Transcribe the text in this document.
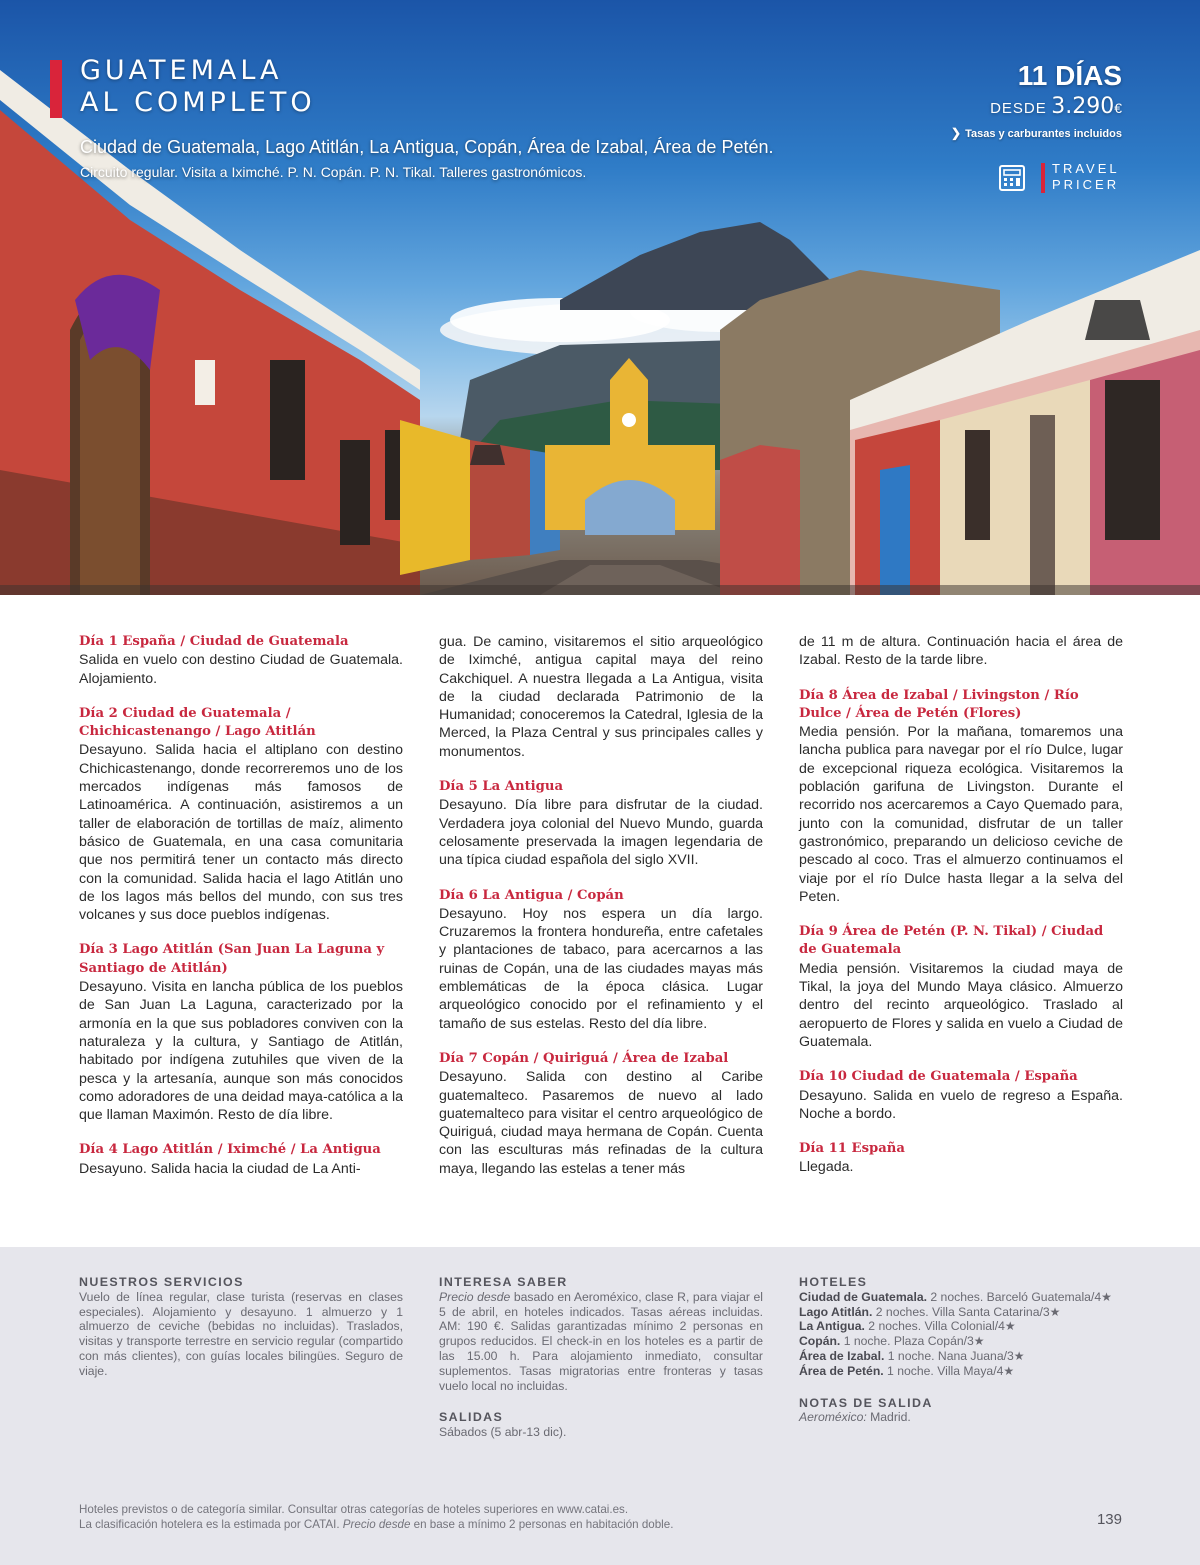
GUATEMALA
AL COMPLETO
Ciudad de Guatemala, Lago Atitlán, La Antigua, Copán, Área de Izabal, Área de Petén.
Circuito regular. Visita a Iximché. P. N. Copán. P. N. Tikal. Talleres gastronómicos.
11 DÍAS
DESDE 3.290€
❯ Tasas y carburantes incluidos
TRAVEL
PRICER
Día 1 España / Ciudad de Guatemala
Salida en vuelo con destino Ciudad de Guatemala. Alojamiento.
Día 2 Ciudad de Guatemala / Chichicastenango / Lago Atitlán
Desayuno. Salida hacia el altiplano con destino Chichicastenango, donde recorreremos uno de los mercados indígenas más famosos de Latinoamérica. A continuación, asistiremos a un taller de elaboración de tortillas de maíz, alimento básico de Guatemala, en una casa comunitaria que nos permitirá tener un contacto más directo con la comunidad. Salida hacia el lago Atitlán uno de los lagos más bellos del mundo, con sus tres volcanes y sus doce pueblos indígenas.
Día 3 Lago Atitlán (San Juan La Laguna y Santiago de Atitlán)
Desayuno. Visita en lancha pública de los pueblos de San Juan La Laguna, caracterizado por la armonía en la que sus pobladores conviven con la naturaleza y la cultura, y Santiago de Atitlán, habitado por indígena zutuhiles que viven de la pesca y la artesanía, aunque son más conocidos como adoradores de una deidad maya-católica a la que llaman Maximón. Resto de día libre.
Día 4 Lago Atitlán / Iximché / La Antigua
Desayuno. Salida hacia la ciudad de La Anti-
gua. De camino, visitaremos el sitio arqueológico de Iximché, antigua capital maya del reino Cakchiquel. A nuestra llegada a La Antigua, visita de la ciudad declarada Patrimonio de la Humanidad; conoceremos la Catedral, Iglesia de la Merced, la Plaza Central y sus principales calles y monumentos.
Día 5 La Antigua
Desayuno. Día libre para disfrutar de la ciudad. Verdadera joya colonial del Nuevo Mundo, guarda celosamente preservada la imagen legendaria de una típica ciudad española del siglo XVII.
Día 6 La Antigua / Copán
Desayuno. Hoy nos espera un día largo. Cruzaremos la frontera hondureña, entre cafetales y plantaciones de tabaco, para acercarnos a las ruinas de Copán, una de las ciudades mayas más emblemáticas de la época clásica. Lugar arqueológico conocido por el refinamiento y el tamaño de sus estelas. Resto del día libre.
Día 7 Copán / Quiriguá / Área de Izabal
Desayuno. Salida con destino al Caribe guatemalteco. Pasaremos de nuevo al lado guatemalteco para visitar el centro arqueológico de Quiriguá, ciudad maya hermana de Copán. Cuenta con las esculturas más refinadas de la cultura maya, llegando las estelas a tener más
de 11 m de altura. Continuación hacia el área de Izabal. Resto de la tarde libre.
Día 8 Área de Izabal / Livingston / Río Dulce / Área de Petén (Flores)
Media pensión. Por la mañana, tomaremos una lancha publica para navegar por el río Dulce, lugar de excepcional riqueza ecológica. Visitaremos la población garifuna de Livingston. Durante el recorrido nos acercaremos a Cayo Quemado para, junto con la comunidad, disfrutar de un taller gastronómico, preparando un delicioso ceviche de pescado al coco. Tras el almuerzo continuamos el viaje por el río Dulce hasta llegar a la selva del Peten.
Día 9 Área de Petén (P. N. Tikal) / Ciudad de Guatemala
Media pensión. Visitaremos la ciudad maya de Tikal, la joya del Mundo Maya clásico. Almuerzo dentro del recinto arqueológico. Traslado al aeropuerto de Flores y salida en vuelo a Ciudad de Guatemala.
Día 10 Ciudad de Guatemala / España
Desayuno. Salida en vuelo de regreso a España. Noche a bordo.
Día 11 España
Llegada.
NUESTROS SERVICIOS
Vuelo de línea regular, clase turista (reservas en clases especiales). Alojamiento y desayuno. 1 almuerzo y 1 almuerzo de ceviche (bebidas no incluidas). Traslados, visitas y transporte terrestre en servicio regular (compartido con más clientes), con guías locales bilingües. Seguro de viaje.
INTERESA SABER
Precio desde basado en Aeroméxico, clase R, para viajar el 5 de abril, en hoteles indicados. Tasas aéreas incluidas. AM: 190 €. Salidas garantizadas mínimo 2 personas en grupos reducidos. El check-in en los hoteles es a partir de las 15.00 h. Para alojamiento inmediato, consultar suplementos. Tasas migratorias entre fronteras y tasas vuelo local no incluidas.
SALIDAS
Sábados (5 abr-13 dic).
HOTELES
Ciudad de Guatemala. 2 noches. Barceló Guatemala/4★
Lago Atitlán. 2 noches. Villa Santa Catarina/3★
La Antigua. 2 noches. Villa Colonial/4★
Copán. 1 noche. Plaza Copán/3★
Área de Izabal. 1 noche. Nana Juana/3★
Área de Petén. 1 noche. Villa Maya/4★
NOTAS DE SALIDA
Aeroméxico: Madrid.
Hoteles previstos o de categoría similar. Consultar otras categorías de hoteles superiores en www.catai.es.
La clasificación hotelera es la estimada por CATAI. Precio desde en base a mínimo 2 personas en habitación doble.	139
